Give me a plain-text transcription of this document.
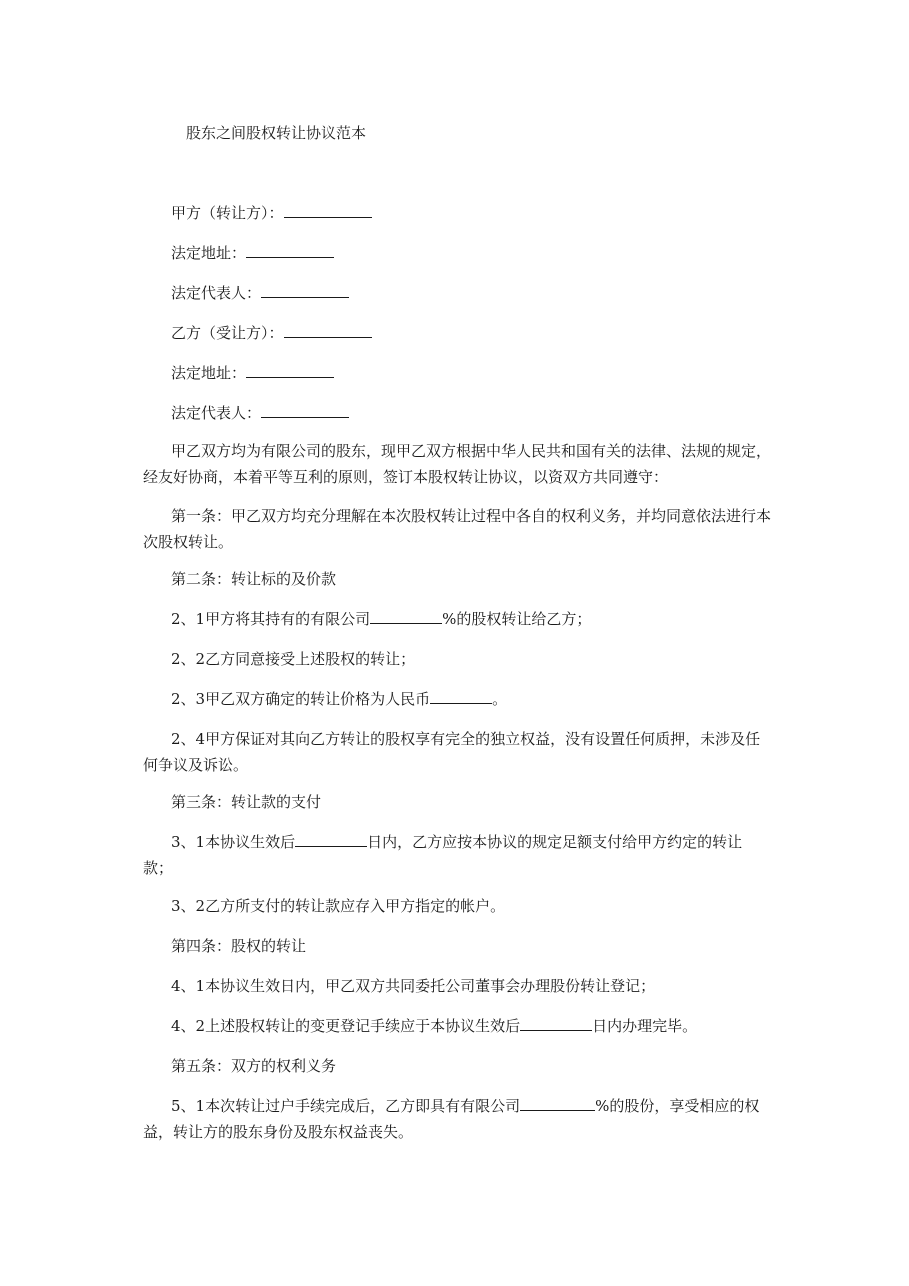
股东之间股权转让协议范本
甲方（转让方）：
法定地址：
法定代表人：
乙方（受让方）：
法定地址：
法定代表人：
甲乙双方均为有限公司的股东，现甲乙双方根据中华人民共和国有关的法律、法规的规定，经友好协商，本着平等互利的原则，签订本股权转让协议，以资双方共同遵守：
第一条：甲乙双方均充分理解在本次股权转让过程中各自的权利义务，并均同意依法进行本次股权转让。
第二条：转让标的及价款
2、1甲方将其持有的有限公司	%的股权转让给乙方；
2、2乙方同意接受上述股权的转让；
2、3甲乙双方确定的转让价格为人民币	。
2、4甲方保证对其向乙方转让的股权享有完全的独立权益，没有设置任何质押，未涉及任何争议及诉讼。
第三条：转让款的支付
3、1本协议生效后	日内，乙方应按本协议的规定足额支付给甲方约定的转让款；
3、2乙方所支付的转让款应存入甲方指定的帐户。
第四条：股权的转让
4、1本协议生效日内，甲乙双方共同委托公司董事会办理股份转让登记；
4、2上述股权转让的变更登记手续应于本协议生效后	日内办理完毕。
第五条：双方的权利义务
5、1本次转让过户手续完成后，乙方即具有有限公司	%的股份，享受相应的权益，转让方的股东身份及股东权益丧失。
